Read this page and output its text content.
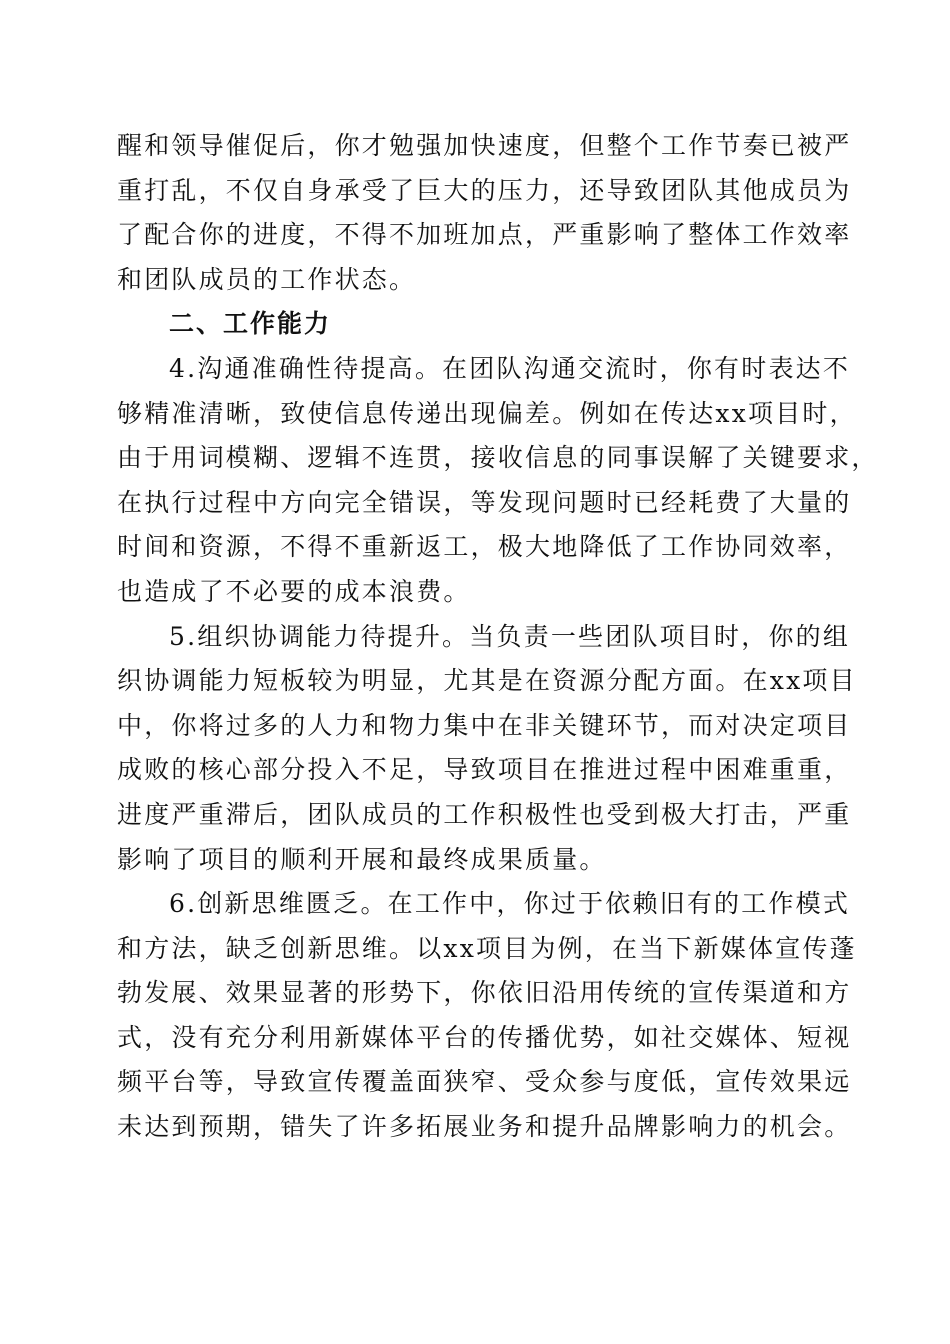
醒和领导催促后，你才勉强加快速度，但整个工作节奏已被严
重打乱，不仅自身承受了巨大的压力，还导致团队其他成员为
了配合你的进度，不得不加班加点，严重影响了整体工作效率
和团队成员的工作状态。
二、工作能力
4.沟通准确性待提高。在团队沟通交流时，你有时表达不
够精准清晰，致使信息传递出现偏差。例如在传达xx项目时，
由于用词模糊、逻辑不连贯，接收信息的同事误解了关键要求，
在执行过程中方向完全错误，等发现问题时已经耗费了大量的
时间和资源，不得不重新返工，极大地降低了工作协同效率，
也造成了不必要的成本浪费。
5.组织协调能力待提升。当负责一些团队项目时，你的组
织协调能力短板较为明显，尤其是在资源分配方面。在xx项目
中，你将过多的人力和物力集中在非关键环节，而对决定项目
成败的核心部分投入不足，导致项目在推进过程中困难重重，
进度严重滞后，团队成员的工作积极性也受到极大打击，严重
影响了项目的顺利开展和最终成果质量。
6.创新思维匮乏。在工作中，你过于依赖旧有的工作模式
和方法，缺乏创新思维。以xx项目为例，在当下新媒体宣传蓬
勃发展、效果显著的形势下，你依旧沿用传统的宣传渠道和方
式，没有充分利用新媒体平台的传播优势，如社交媒体、短视
频平台等，导致宣传覆盖面狭窄、受众参与度低，宣传效果远
未达到预期，错失了许多拓展业务和提升品牌影响力的机会。
